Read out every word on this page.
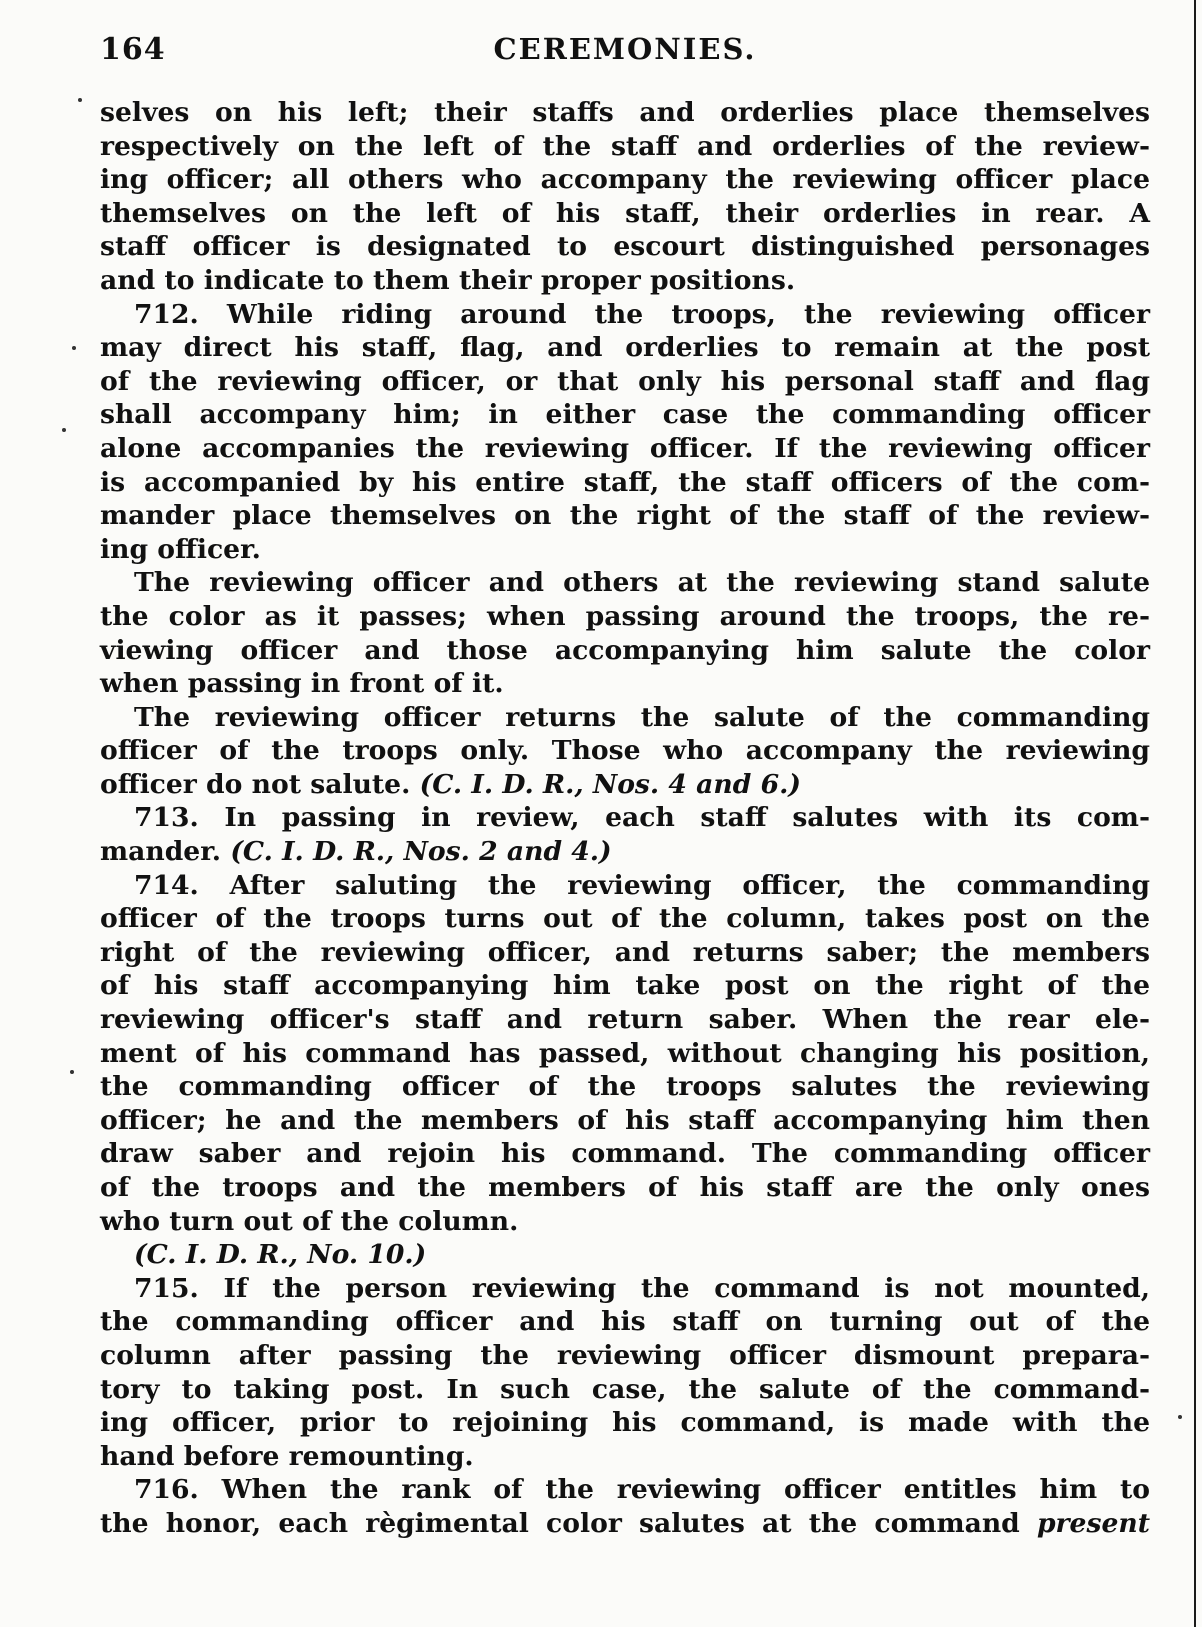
164	CEREMONIES.
selves on his left; their staffs and orderlies place themselves
respectively on the left of the staff and orderlies of the review-
ing officer; all others who accompany the reviewing officer place
themselves on the left of his staff, their orderlies in rear. A
staff officer is designated to escourt distinguished personages
and to indicate to them their proper positions.
712. While riding around the troops, the reviewing officer
may direct his staff, flag, and orderlies to remain at the post
of the reviewing officer, or that only his personal staff and flag
shall accompany him; in either case the commanding officer
alone accompanies the reviewing officer. If the reviewing officer
is accompanied by his entire staff, the staff officers of the com-
mander place themselves on the right of the staff of the review-
ing officer.
The reviewing officer and others at the reviewing stand salute
the color as it passes; when passing around the troops, the re-
viewing officer and those accompanying him salute the color
when passing in front of it.
The reviewing officer returns the salute of the commanding
officer of the troops only. Those who accompany the reviewing
officer do not salute. (C. I. D. R., Nos. 4 and 6.)
713. In passing in review, each staff salutes with its com-
mander. (C. I. D. R., Nos. 2 and 4.)
714. After saluting the reviewing officer, the commanding
officer of the troops turns out of the column, takes post on the
right of the reviewing officer, and returns saber; the members
of his staff accompanying him take post on the right of the
reviewing officer's staff and return saber. When the rear ele-
ment of his command has passed, without changing his position,
the commanding officer of the troops salutes the reviewing
officer; he and the members of his staff accompanying him then
draw saber and rejoin his command. The commanding officer
of the troops and the members of his staff are the only ones
who turn out of the column.
(C. I. D. R., No. 10.)
715. If the person reviewing the command is not mounted,
the commanding officer and his staff on turning out of the
column after passing the reviewing officer dismount prepara-
tory to taking post. In such case, the salute of the command-
ing officer, prior to rejoining his command, is made with the
hand before remounting.
716. When the rank of the reviewing officer entitles him to
the honor, each règimental color salutes at the command present
